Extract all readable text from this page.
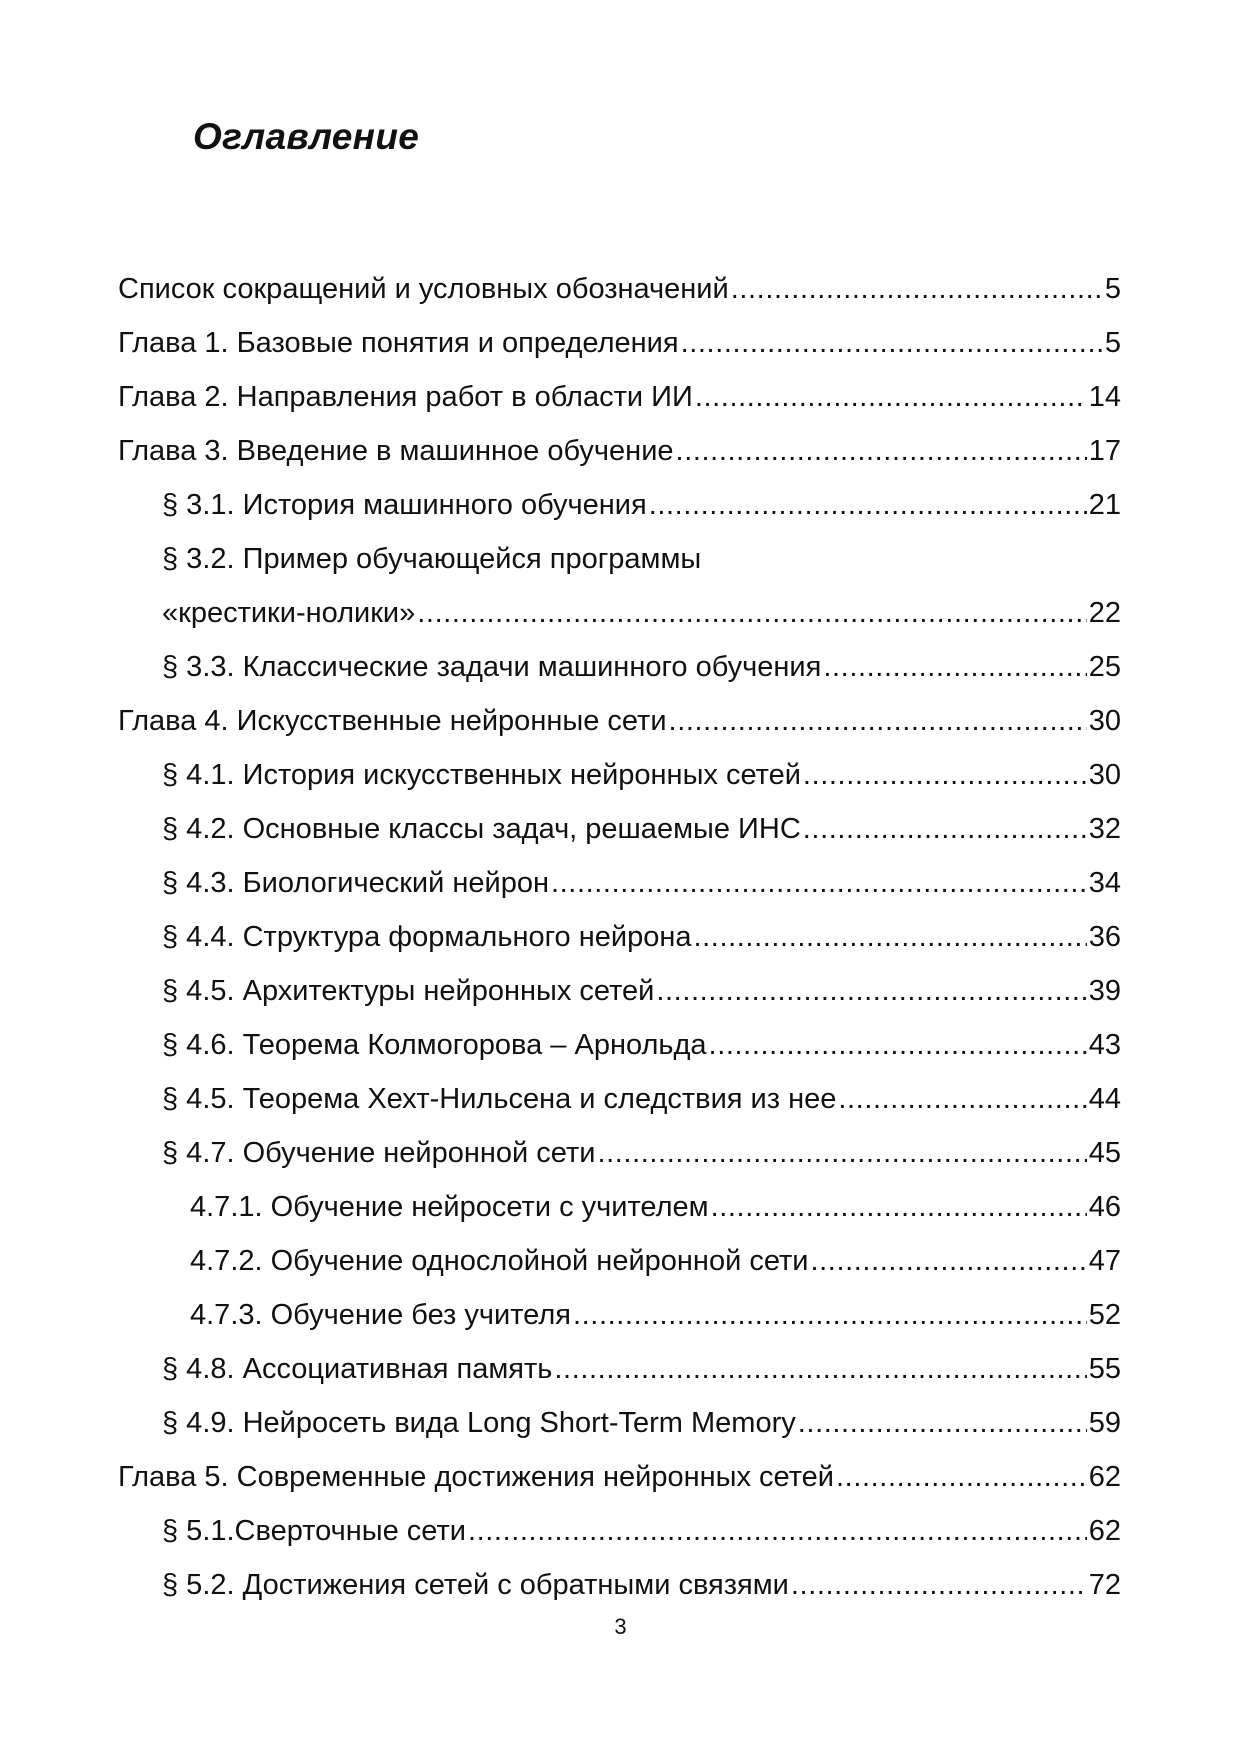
Оглавление
Список сокращений и условных обозначений	5
.....
Глава 1. Базовые понятия и определения	5
.....
Глава 2. Направления работ в области ИИ	14
.....
Глава 3. Введение в машинное обучение	17
.....
§ 3.1. История машинного обучения	21
.....
§ 3.2. Пример обучающейся программы
«крестики-нолики»	22
.....
§ 3.3. Классические задачи машинного обучения	25
.....
Глава 4. Искусственные нейронные сети	30
.....
§ 4.1. История искусственных нейронных сетей	30
.....
§ 4.2. Основные классы задач, решаемые ИНС	32
.....
§ 4.3. Биологический нейрон	34
.....
§ 4.4. Структура формального нейрона	36
.....
§ 4.5. Архитектуры нейронных сетей	39
.....
§ 4.6. Теорема Колмогорова – Арнольда	43
.....
§ 4.5. Теорема Хехт-Нильсена и следствия из нее	44
.....
§ 4.7. Обучение нейронной сети	45
.....
4.7.1. Обучение нейросети с учителем	46
.....
4.7.2. Обучение однослойной нейронной сети	47
.....
4.7.3. Обучение без учителя	52
.....
§ 4.8. Ассоциативная память	55
.....
§ 4.9. Нейросеть вида Long Short-Term Memory	59
.....
Глава 5. Современные достижения нейронных сетей	62
.....
§ 5.1.Сверточные сети	62
.....
§ 5.2. Достижения сетей с обратными связями	72
.....

3
